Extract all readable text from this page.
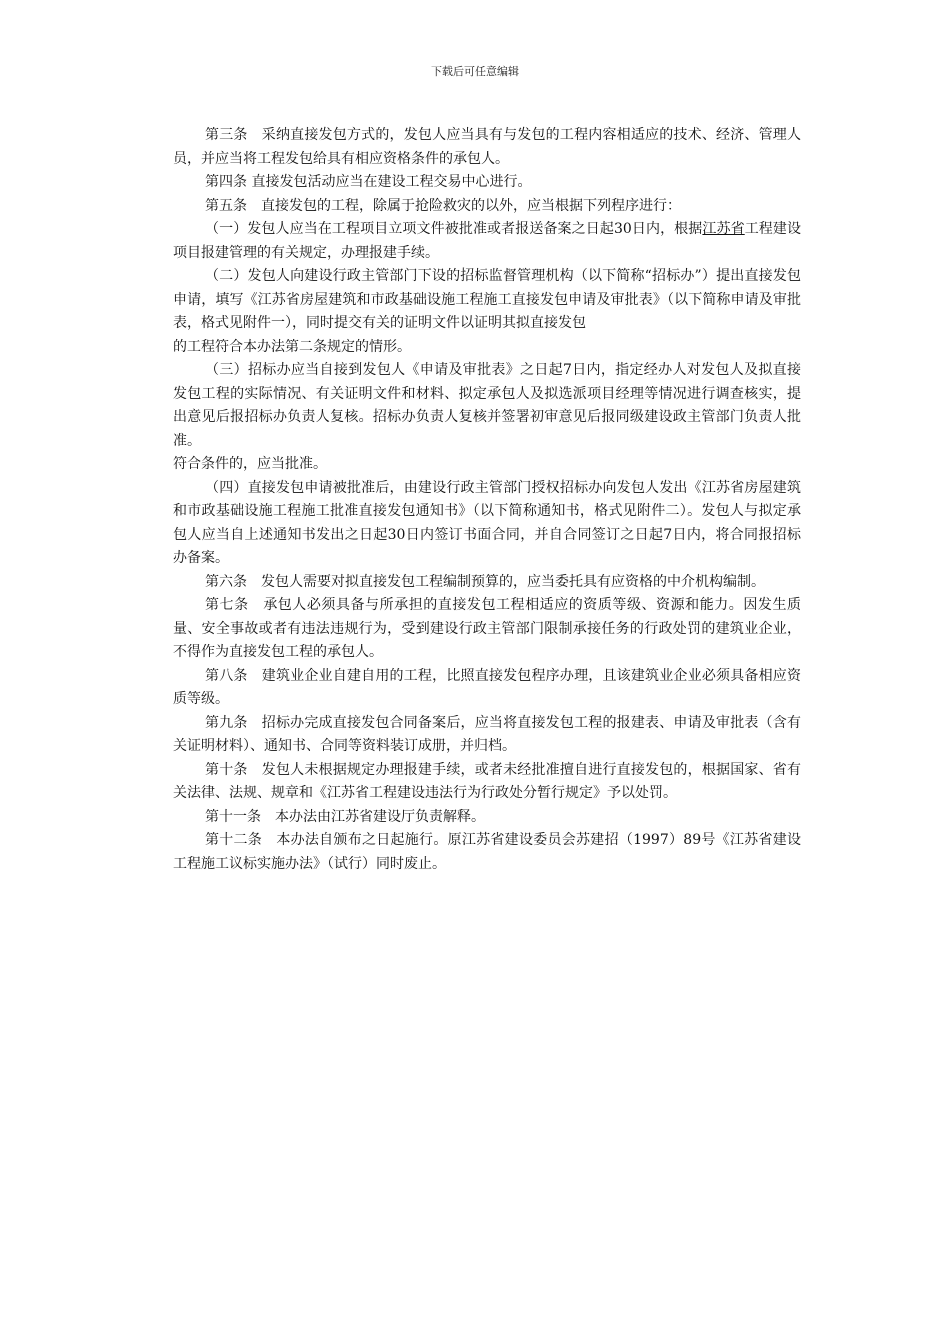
下载后可任意编辑

第三条　采纳直接发包方式的，发包人应当具有与发包的工程内容相适应的技术、经济、管理人员，并应当将工程发包给具有相应资格条件的承包人。

第四条 直接发包活动应当在建设工程交易中心进行。

第五条　直接发包的工程，除属于抢险救灾的以外，应当根据下列程序进行：

（一）发包人应当在工程项目立项文件被批准或者报送备案之日起30日内，根据江苏省工程建设项目报建管理的有关规定，办理报建手续。

（二）发包人向建设行政主管部门下设的招标监督管理机构（以下简称“招标办”）提出直接发包申请，填写《江苏省房屋建筑和市政基础设施工程施工直接发包申请及审批表》（以下简称申请及审批表，格式见附件一），同时提交有关的证明文件以证明其拟直接发包

的工程符合本办法第二条规定的情形。

（三）招标办应当自接到发包人《申请及审批表》之日起7日内，指定经办人对发包人及拟直接发包工程的实际情况、有关证明文件和材料、拟定承包人及拟选派项目经理等情况进行调查核实，提出意见后报招标办负责人复核。招标办负责人复核并签署初审意见后报同级建设政主管部门负责人批准。

符合条件的，应当批准。

（四）直接发包申请被批准后，由建设行政主管部门授权招标办向发包人发出《江苏省房屋建筑和市政基础设施工程施工批准直接发包通知书》（以下简称通知书，格式见附件二）。发包人与拟定承包人应当自上述通知书发出之日起30日内签订书面合同，并自合同签订之日起7日内，将合同报招标办备案。

第六条　发包人需要对拟直接发包工程编制预算的，应当委托具有应资格的中介机构编制。

第七条　承包人必须具备与所承担的直接发包工程相适应的资质等级、资源和能力。因发生质量、安全事故或者有违法违规行为，受到建设行政主管部门限制承接任务的行政处罚的建筑业企业，不得作为直接发包工程的承包人。

第八条　建筑业企业自建自用的工程，比照直接发包程序办理，且该建筑业企业必须具备相应资质等级。

第九条　招标办完成直接发包合同备案后，应当将直接发包工程的报建表、申请及审批表（含有关证明材料）、通知书、合同等资料装订成册，并归档。

第十条　发包人未根据规定办理报建手续，或者未经批准擅自进行直接发包的，根据国家、省有关法律、法规、规章和《江苏省工程建设违法行为行政处分暂行规定》予以处罚。

第十一条　本办法由江苏省建设厅负责解释。

第十二条　本办法自颁布之日起施行。原江苏省建设委员会苏建招（1997）89号《江苏省建设工程施工议标实施办法》（试行）同时废止。
